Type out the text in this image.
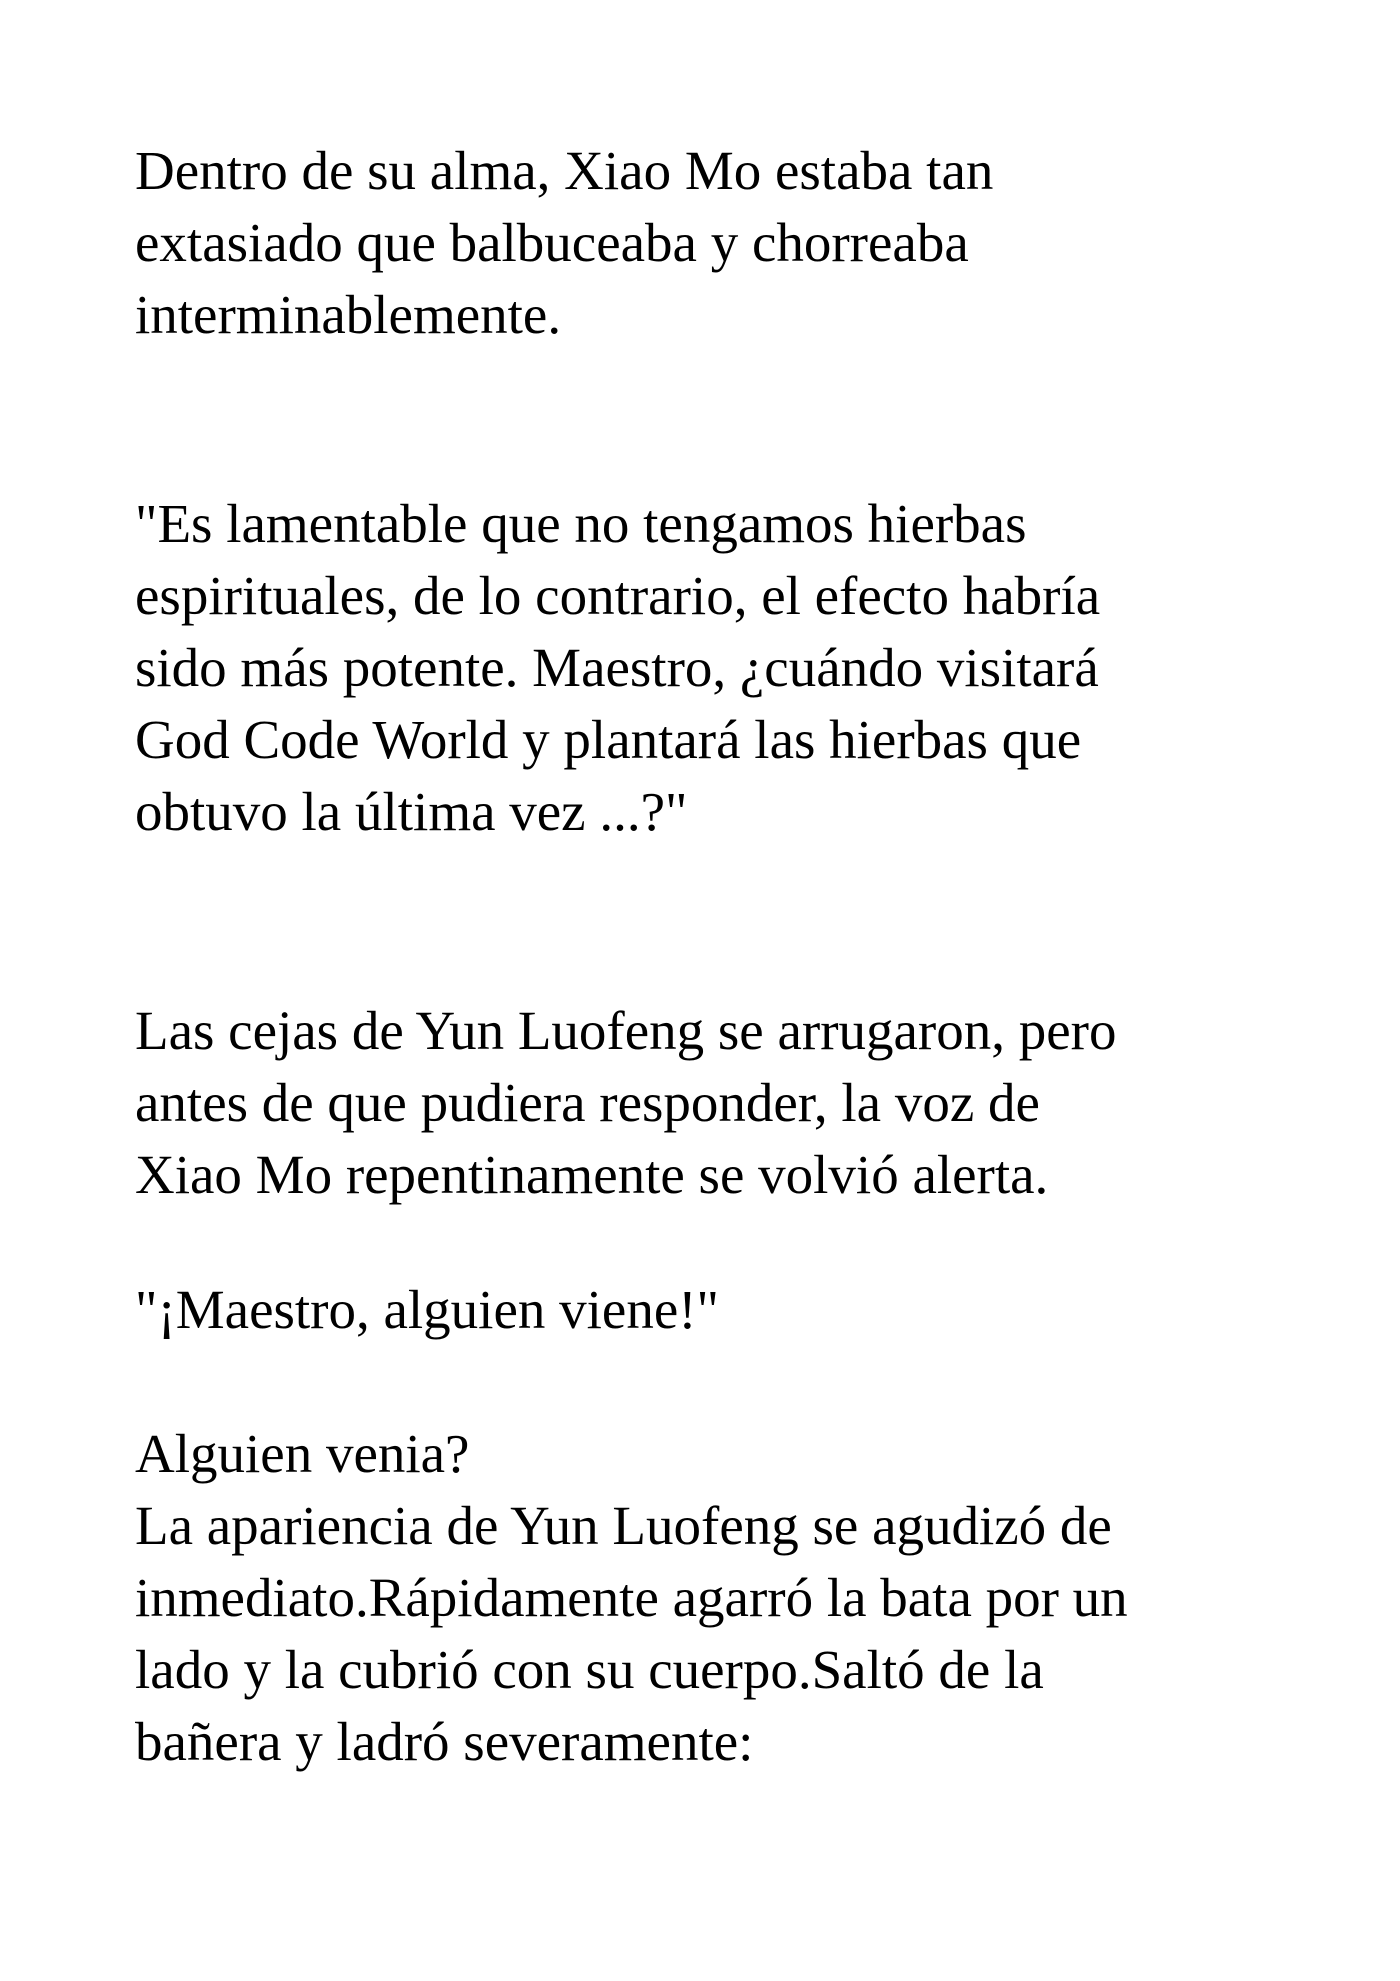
Dentro de su alma, Xiao Mo estaba tan
extasiado que balbuceaba y chorreaba
interminablemente.

"Es lamentable que no tengamos hierbas
espirituales, de lo contrario, el efecto habría
sido más potente. Maestro, ¿cuándo visitará
God Code World y plantará las hierbas que
obtuvo la última vez ...?"

Las cejas de Yun Luofeng se arrugaron, pero
antes de que pudiera responder, la voz de
Xiao Mo repentinamente se volvió alerta.

"¡Maestro, alguien viene!"

Alguien venia?
La apariencia de Yun Luofeng se agudizó de
inmediato.Rápidamente agarró la bata por un
lado y la cubrió con su cuerpo.Saltó de la
bañera y ladró severamente:
